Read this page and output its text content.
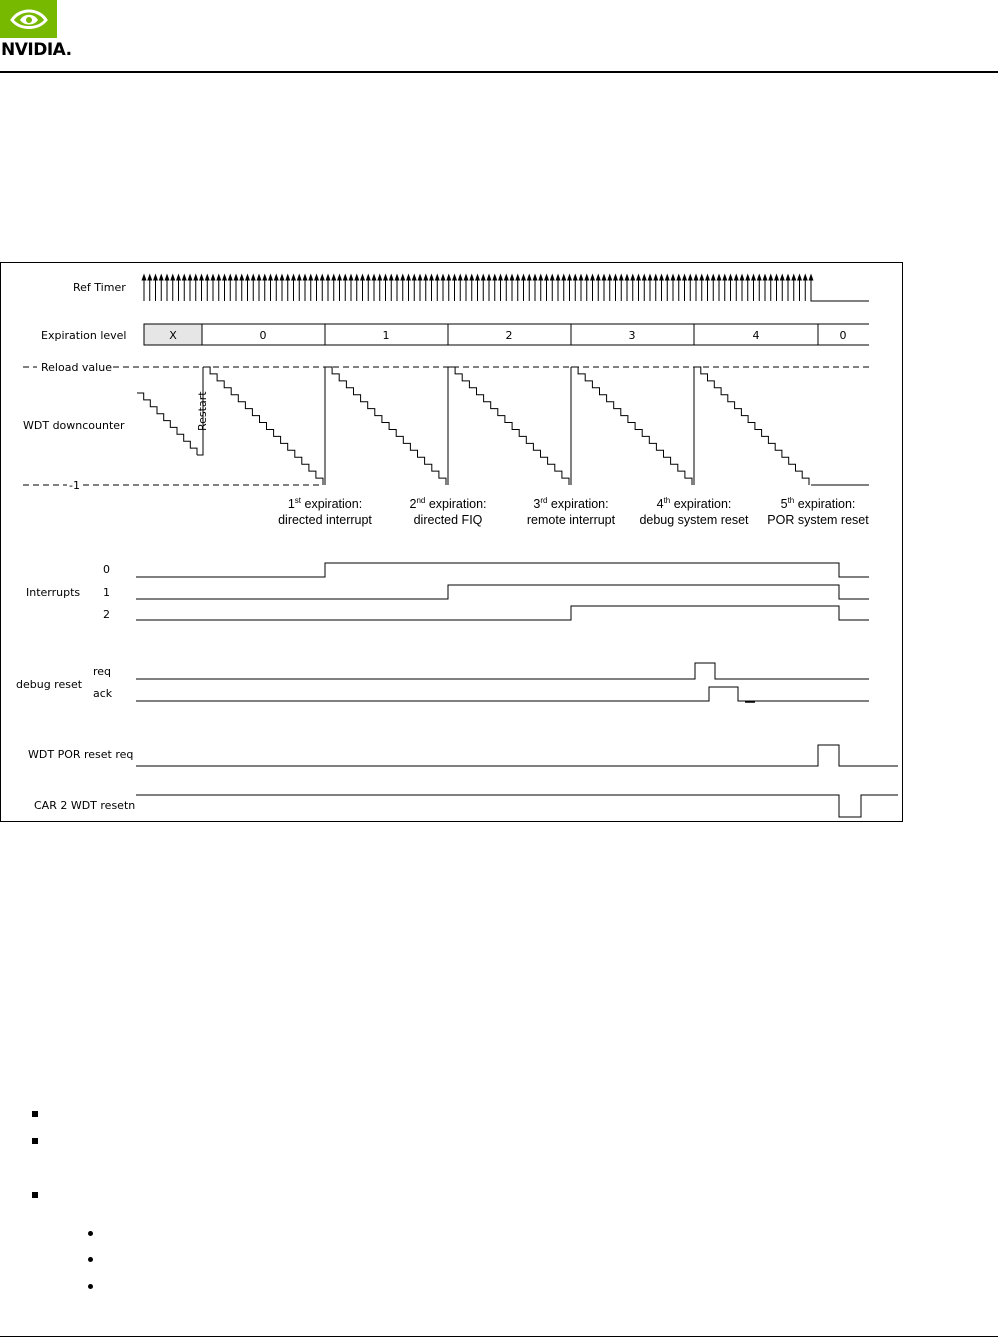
NVIDIA.
Ref Timer
Expiration level	X	0	1	2	3	4	0
Reload value
-1
WDT downcounter	Restart
1st expiration:
directed interrupt
2nd expiration:
directed FIQ
3rd expiration:
remote interrupt
4th expiration:
debug system reset
5th expiration:
POR system reset
Interrupts
0
1
2
debug reset
req
ack
WDT POR reset req
CAR 2 WDT resetn
